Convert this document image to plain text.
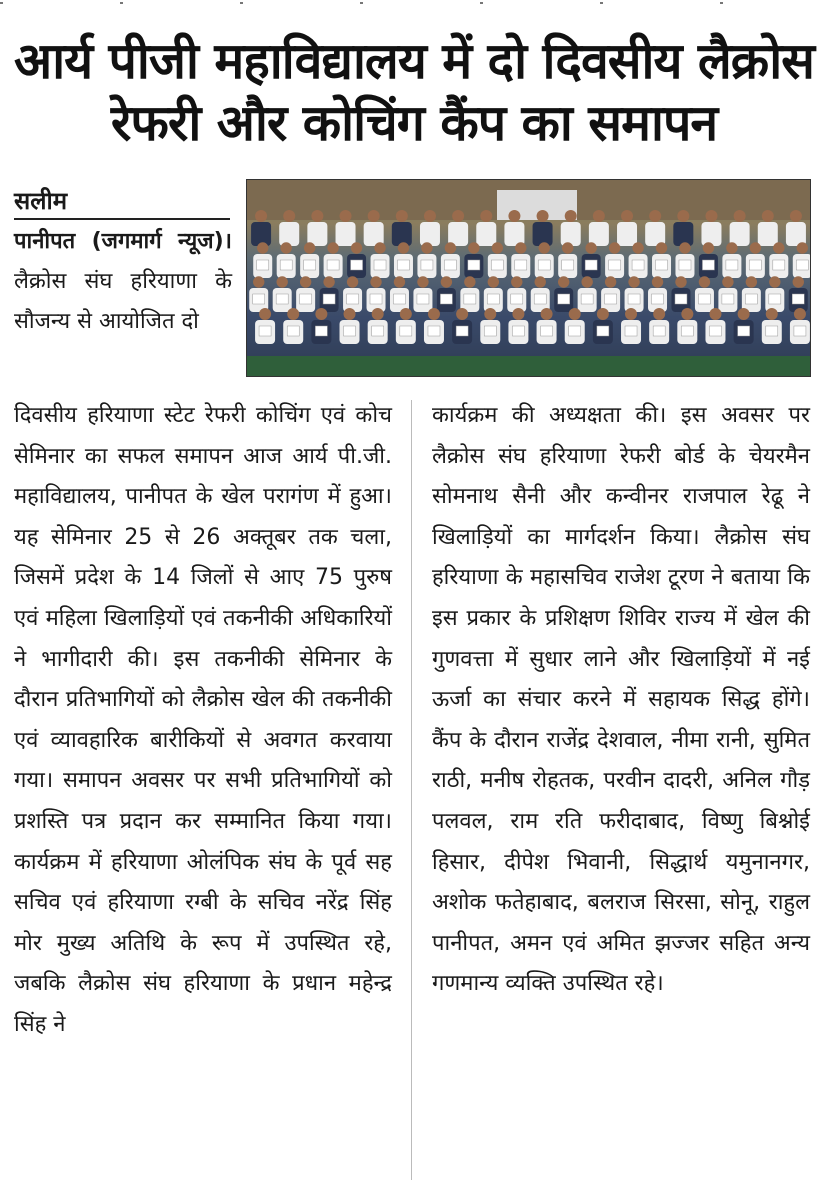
आर्य पीजी महाविद्यालय में दो दिवसीय लैक्रोस
रेफरी और कोचिंग कैंप का समापन
सलीम
पानीपत (जगमार्ग न्यूज)। लैक्रोस संघ हरियाणा के सौजन्य से आयोजित दो

दिवसीय हरियाणा स्टेट रेफरी कोचिंग एवं कोच सेमिनार का सफल समापन आज आर्य पी.जी. महाविद्यालय, पानीपत के खेल परागंण में हुआ। यह सेमिनार 25 से 26 अक्तूबर तक चला, जिसमें प्रदेश के 14 जिलों से आए 75 पुरुष एवं महिला खिलाड़ियों एवं तकनीकी अधिकारियों ने भागीदारी की। इस तकनीकी सेमिनार के दौरान प्रतिभागियों को लैक्रोस खेल की तकनीकी एवं व्यावहारिक बारीकियों से अवगत करवाया गया। समापन अवसर पर सभी प्रतिभागियों को प्रशस्ति पत्र प्रदान कर सम्मानित किया गया। कार्यक्रम में हरियाणा ओलंपिक संघ के पूर्व सह सचिव एवं हरियाणा रग्बी के सचिव नरेंद्र सिंह मोर मुख्य अतिथि के रूप में उपस्थित रहे, जबकि लैक्रोस संघ हरियाणा के प्रधान महेन्द्र सिंह ने

कार्यक्रम की अध्यक्षता की। इस अवसर पर लैक्रोस संघ हरियाणा रेफरी बोर्ड के चेयरमैन सोमनाथ सैनी और कन्वीनर राजपाल रेढू ने खिलाड़ियों का मार्गदर्शन किया। लैक्रोस संघ हरियाणा के महासचिव राजेश टूरण ने बताया कि इस प्रकार के प्रशिक्षण शिविर राज्य में खेल की गुणवत्ता में सुधार लाने और खिलाड़ियों में नई ऊर्जा का संचार करने में सहायक सिद्ध होंगे। कैंप के दौरान राजेंद्र देशवाल, नीमा रानी, सुमित राठी, मनीष रोहतक, परवीन दादरी, अनिल गौड़ पलवल, राम रति फरीदाबाद, विष्णु बिश्नोई हिसार, दीपेश भिवानी, सिद्धार्थ यमुनानगर, अशोक फतेहाबाद, बलराज सिरसा, सोनू, राहुल पानीपत, अमन एवं अमित झज्जर सहित अन्य गणमान्य व्यक्ति उपस्थित रहे।
